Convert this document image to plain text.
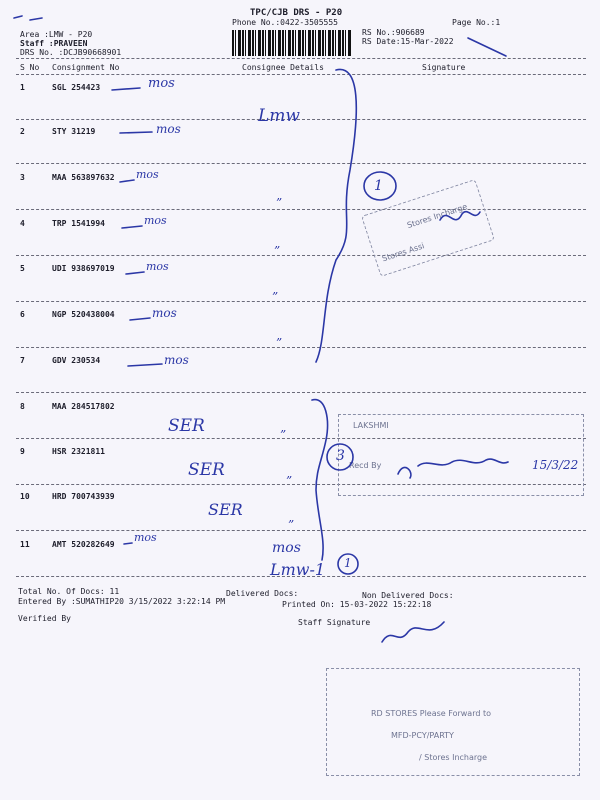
TPC/CJB DRS - P20
Phone No.:0422-3505555	Page No.:1
Area :LMW - P20
Staff :PRAVEEN
DRS No. :DCJB90668901
RS No.:906689
RS Date:15-Mar-2022
S No Consignment No	Consignee Details	Signature
1	SGL 254423
2	STY 31219
3	MAA 563897632
4	TRP 1541994
5	UDI 938697019
6	NGP 520438004
7	GDV 230534
8	MAA 284517802
9	HSR 2321811
10	HRD 700743939
11	AMT 520282649
Total No. Of Docs: 11	Delivered Docs:	Non Delivered Docs:
Entered By :SUMATHIP20 3/15/2022 3:22:14 PM	Printed On: 15-03-2022 15:22:18
Verified By	Staff Signature
Stores Incharge
Stores Assi
LAKSHMI
Recd By
RD STORES Please Forward to
MFD-PCY/PARTY
/ Stores Incharge
mos
mos
mos
mos
mos
mos
mos
mos
Lmw
SER
SER
SER
mos
Lmw-1
”
”
”
”
”
”
”
1
3
1
15/3/22
